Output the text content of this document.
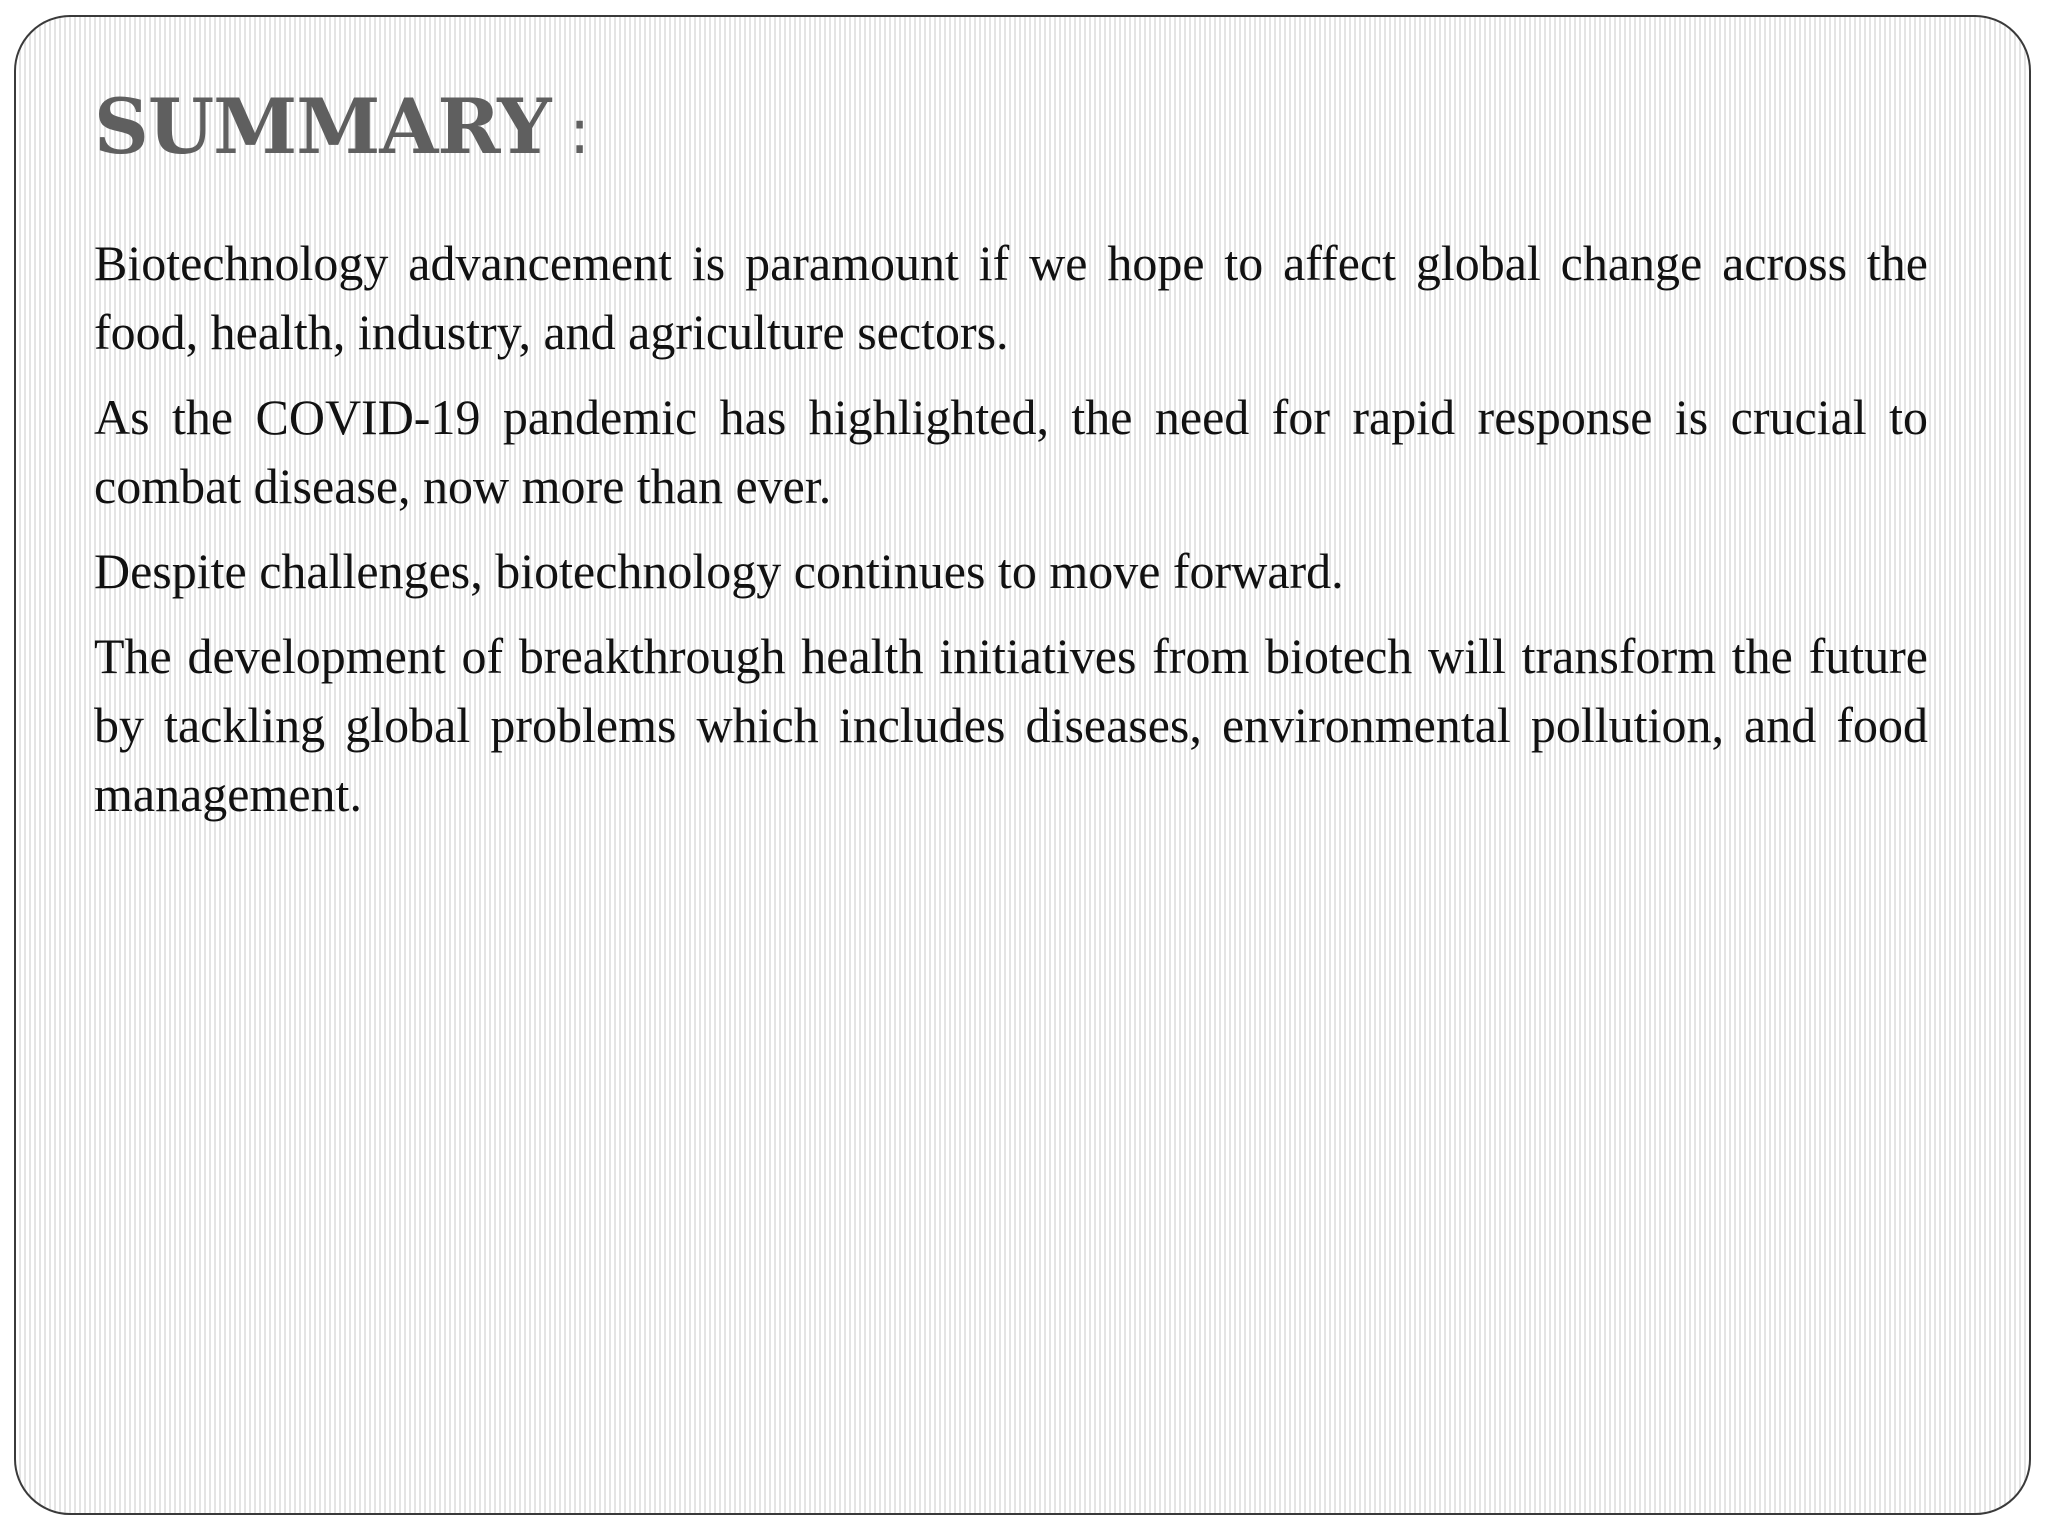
SUMMARY :

Biotechnology advancement is paramount if we hope to affect global change across the food, health, industry, and agriculture sectors.

As the COVID-19 pandemic has highlighted, the need for rapid response is crucial to combat disease, now more than ever.

Despite challenges, biotechnology continues to move forward.

The development of breakthrough health initiatives from biotech will transform the future by tackling global problems which includes diseases, environmental pollution, and food management.
